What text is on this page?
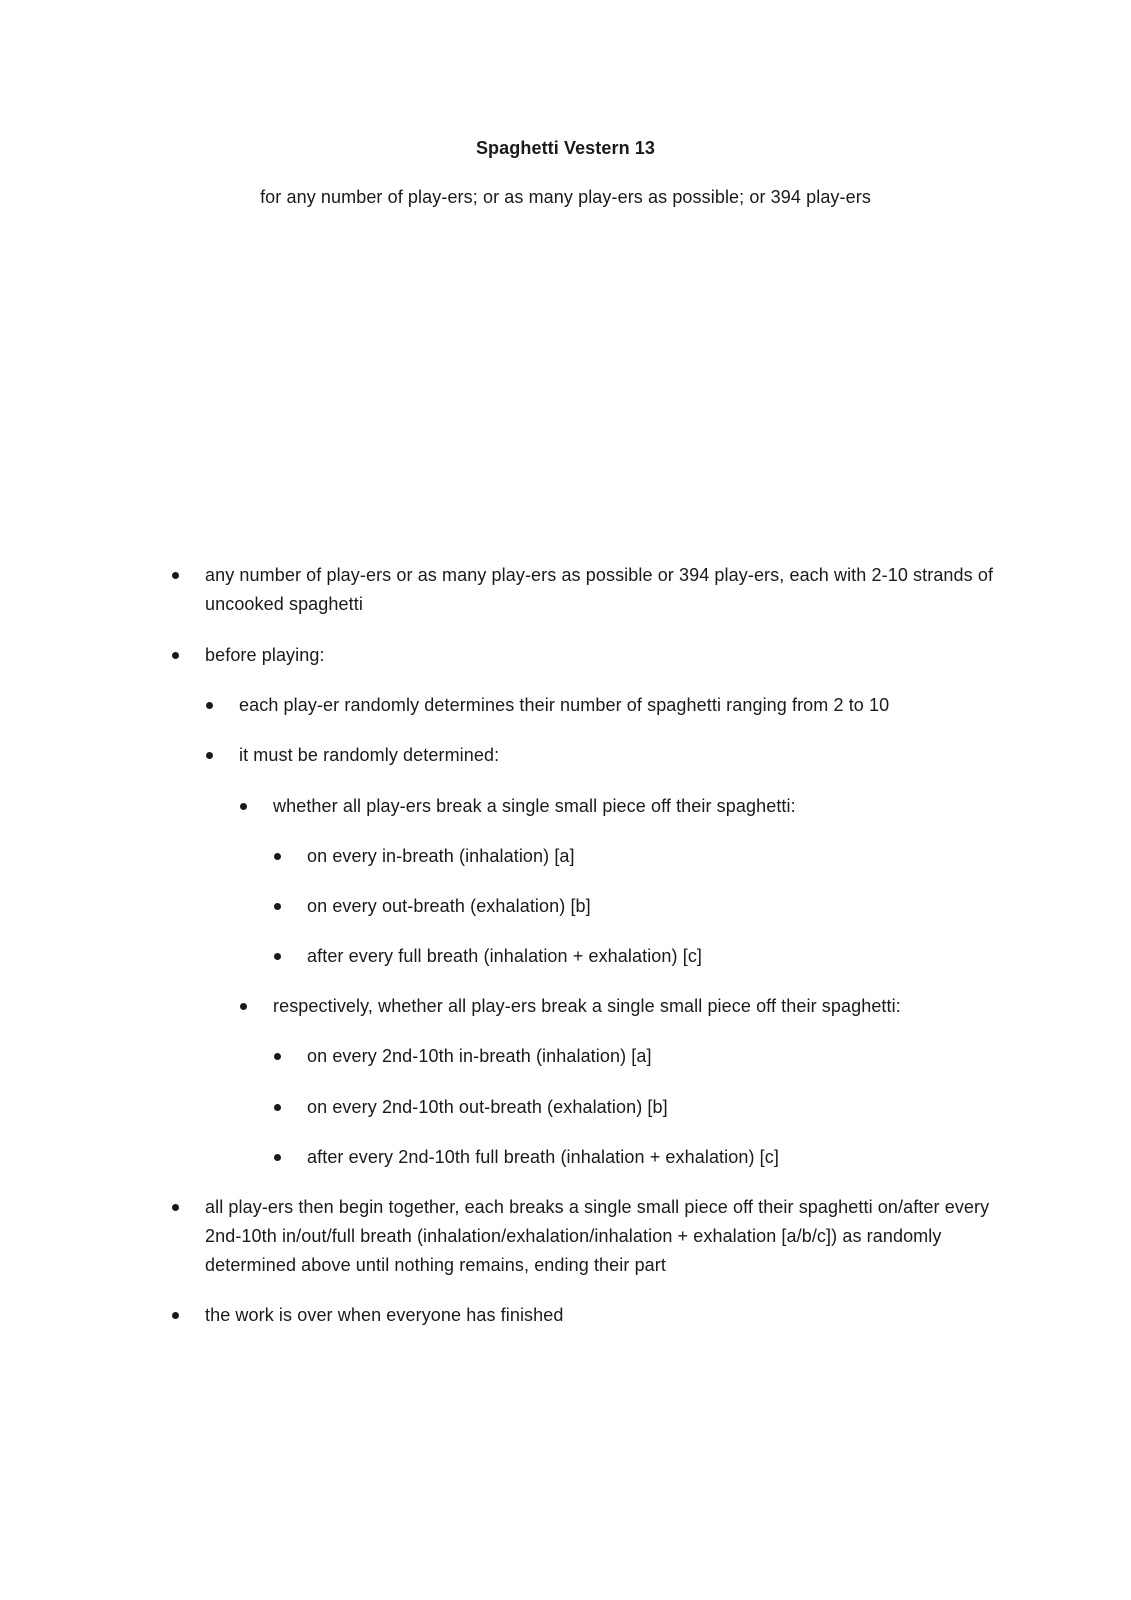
Spaghetti Vestern 13
for any number of play-ers; or as many play-ers as possible; or 394 play-ers
any number of play-ers or as many play-ers as possible or 394 play-ers, each with 2-10 strands of uncooked spaghetti
before playing:
each play-er randomly determines their number of spaghetti ranging from 2 to 10
it must be randomly determined:
whether all play-ers break a single small piece off their spaghetti:
on every in-breath (inhalation) [a]
on every out-breath (exhalation) [b]
after every full breath (inhalation + exhalation) [c]
respectively, whether all play-ers break a single small piece off their spaghetti:
on every 2nd-10th in-breath (inhalation) [a]
on every 2nd-10th out-breath (exhalation) [b]
after every 2nd-10th full breath (inhalation + exhalation) [c]
all play-ers then begin together, each breaks a single small piece off their spaghetti on/after every 2nd-10th in/out/full breath (inhalation/exhalation/inhalation + exhalation [a/b/c]) as randomly determined above until nothing remains, ending their part
the work is over when everyone has finished
